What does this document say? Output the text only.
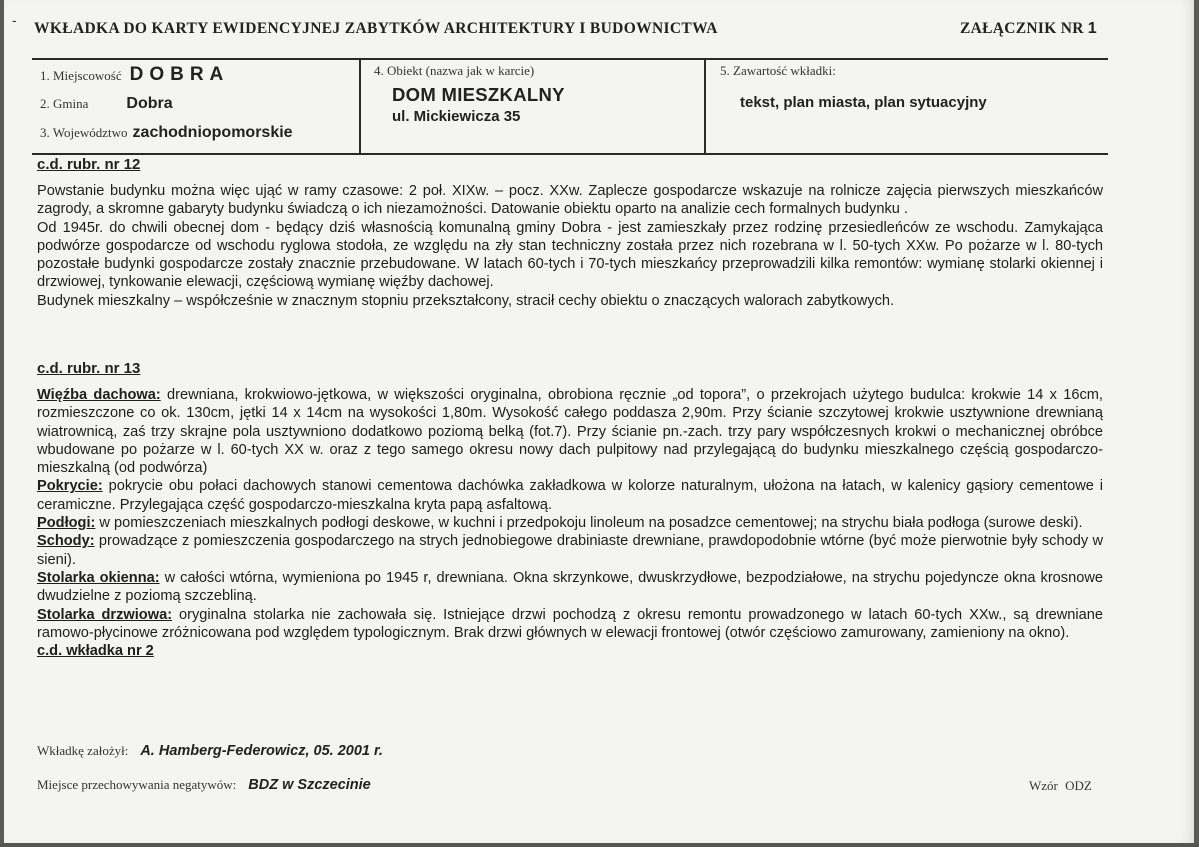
- WKŁADKA DO KARTY EWIDENCYJNEJ ZABYTKÓW ARCHITEKTURY I BUDOWNICTWA	ZAŁĄCZNIK NR 1
1. Miejscowość DOBRA
2. Gmina Dobra
3. Województwo zachodniopomorskie
4. Obiekt (nazwa jak w karcie)
DOM MIESZKALNY
ul. Mickiewicza 35
5. Zawartość wkładki:
tekst, plan miasta, plan sytuacyjny
c.d. rubr. nr 12

Powstanie budynku można więc ująć w ramy czasowe: 2 poł. XIXw. – pocz. XXw. Zaplecze gospodarcze wskazuje na rolnicze zajęcia pierwszych mieszkańców zagrody, a skromne gabaryty budynku świadczą o ich niezamożności. Datowanie obiektu oparto na analizie cech formalnych budynku .

Od 1945r. do chwili obecnej dom - będący dziś własnością komunalną gminy Dobra - jest zamieszkały przez rodzinę przesiedleńców ze wschodu. Zamykająca podwórze gospodarcze od wschodu ryglowa stodoła, ze względu na zły stan techniczny została przez nich rozebrana w l. 50-tych XXw. Po pożarze w l. 80-tych pozostałe budynki gospodarcze zostały znacznie przebudowane. W latach 60-tych i 70-tych mieszkańcy przeprowadzili kilka remontów: wymianę stolarki okiennej i drzwiowej, tynkowanie elewacji, częściową wymianę więźby dachowej.

Budynek mieszkalny – współcześnie w znacznym stopniu przekształcony, stracił cechy obiektu o znaczących walorach zabytkowych.

c.d. rubr. nr 13

Więźba dachowa: drewniana, krokwiowo-jętkowa, w większości oryginalna, obrobiona ręcznie „od topora”, o przekrojach użytego budulca: krokwie 14 x 16cm, rozmieszczone co ok. 130cm, jętki 14 x 14cm na wysokości 1,80m. Wysokość całego poddasza 2,90m. Przy ścianie szczytowej krokwie usztywnione drewnianą wiatrownicą, zaś trzy skrajne pola usztywniono dodatkowo poziomą belką (fot.7). Przy ścianie pn.-zach. trzy pary współczesnych krokwi o mechanicznej obróbce wbudowane po pożarze w l. 60-tych XX w. oraz z tego samego okresu nowy dach pulpitowy nad przylegającą do budynku mieszkalnego częścią gospodarczo-mieszkalną (od podwórza)

Pokrycie: pokrycie obu połaci dachowych stanowi cementowa dachówka zakładkowa w kolorze naturalnym, ułożona na łatach, w kalenicy gąsiory cementowe i ceramiczne. Przylegająca część gospodarczo-mieszkalna kryta papą asfaltową.

Podłogi: w pomieszczeniach mieszkalnych podłogi deskowe, w kuchni i przedpokoju linoleum na posadzce cementowej; na strychu biała podłoga (surowe deski).

Schody: prowadzące z pomieszczenia gospodarczego na strych jednobiegowe drabiniaste drewniane, prawdopodobnie wtórne (być może pierwotnie były schody w sieni).

Stolarka okienna: w całości wtórna, wymieniona po 1945 r, drewniana. Okna skrzynkowe, dwuskrzydłowe, bezpodziałowe, na strychu pojedyncze okna krosnowe dwudzielne z poziomą szczebliną.

Stolarka drzwiowa: oryginalna stolarka nie zachowała się. Istniejące drzwi pochodzą z okresu remontu prowadzonego w latach 60-tych XXw., są drewniane ramowo-płycinowe zróżnicowana pod względem typologicznym. Brak drzwi głównych w elewacji frontowej (otwór częściowo zamurowany, zamieniony na okno).

c.d. wkładka nr 2

Wkładkę założył: A. Hamberg-Federowicz, 05. 2001 r.
Miejsce przechowywania negatywów: BDZ w Szczecinie	Wzór ODZ
